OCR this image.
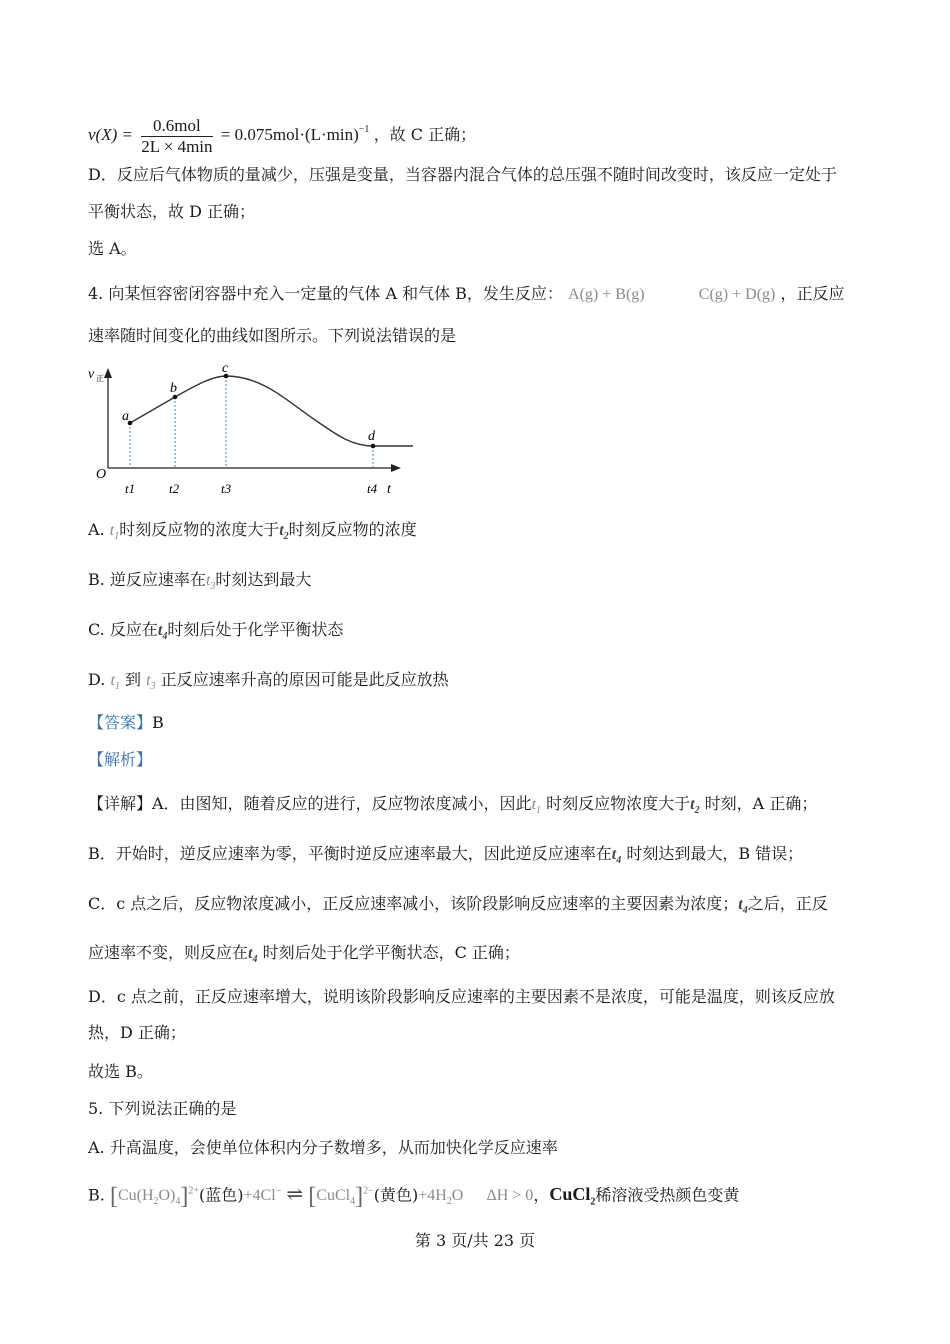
$v(X) = \frac{\text{0.6mol}}{2L \times 4\min} = 0.075mol\cdot(L\cdot\min)^{-1}$ ，故 C 正确；
D．反应后气体物质的量减少，压强是变量，当容器内混合气体的总压强不随时间改变时，该反应一定处于
平衡状态，故 D 正确；
选 A。
4. 向某恒容密闭容器中充入一定量的气体 A 和气体 B，发生反应： A(g) + B(g)	C(g) + D(g) ，正反应
速率随时间变化的曲线如图所示。下列说法错误的是
v 正
O
t
a
b
c
d
t1	t2	t3	t4
A. $t_1$时刻反应物的浓度大于$t_2$时刻反应物的浓度
B. 逆反应速率在$t_3$时刻达到最大
C. 反应在$t_4$时刻后处于化学平衡状态
D. $t_1$ 到 $t_3$ 正反应速率升高的原因可能是此反应放热
【答案】B
【解析】
【详解】A．由图知，随着反应的进行，反应物浓度减小，因此$t_1$ 时刻反应物浓度大于$t_2$ 时刻，A 正确；
B．开始时，逆反应速率为零，平衡时逆反应速率最大，因此逆反应速率在$t_4$ 时刻达到最大，B 错误；
C．c 点之后，反应物浓度减小，正反应速率减小，该阶段影响反应速率的主要因素为浓度；$t_4$之后，正反
应速率不变，则反应在$t_4$ 时刻后处于化学平衡状态，C 正确；
D．c 点之前，正反应速率增大，说明该阶段影响反应速率的主要因素不是浓度，可能是温度，则该反应放
热，D 正确；
故选 B。
5. 下列说法正确的是
A. 升高温度，会使单位体积内分子数增多，从而加快化学反应速率
B. $[Cu(H_2O)_4]^{2+}$(蓝色)+4Cl− ⇌ [CuCl$_4$]$^{2-}$(黄色)$+4H_2O$ ΔH > 0，CuCl$_2$稀溶液受热颜色变黄
第 3 页/共 23 页
